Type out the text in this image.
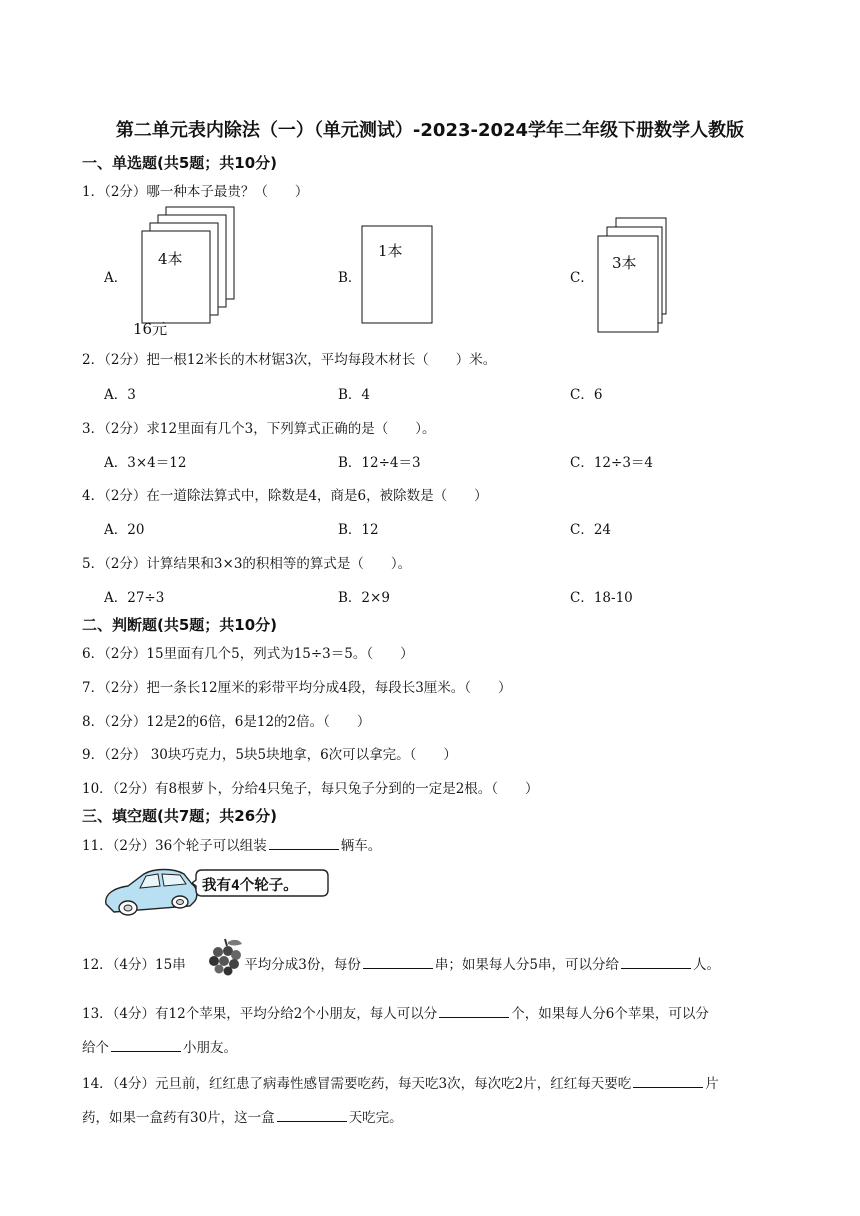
第二单元表内除法（一）（单元测试）-2023-2024学年二年级下册数学人教版
一、单选题(共5题；共10分)
1．（2分）哪一种本子最贵？（　　）
A．
4本
16元
B．
1本
C．
3本
2．（2分）把一根12米长的木材锯3次，平均每段木材长（　　）米。
A．3	B．4	C．6
3．（2分）求12里面有几个3，下列算式正确的是（　　）。
A．3×4＝12	B．12÷4＝3	C．12÷3＝4
4．（2分）在一道除法算式中，除数是4，商是6，被除数是（　　）
A．20	B．12	C．24
5．（2分）计算结果和3×3的积相等的算式是（　　）。
A．27÷3	B．2×9	C．18-10
二、判断题(共5题；共10分)
6．（2分）15里面有几个5，列式为15÷3＝5。（　　）
7．（2分）把一条长12厘米的彩带平均分成4段，每段长3厘米。（　　）
8．（2分）12是2的6倍，6是12的2倍。（　　）
9．（2分） 30块巧克力，5块5块地拿，6次可以拿完。（　　）
10．（2分）有8根萝卜，分给4只兔子，每只兔子分到的一定是2根。（　　）
三、填空题(共7题；共26分)
11．（2分）36个轮子可以组装	辆车。
我有4个轮子。
12．（4分）15串	平均分成3份，每份	串；如果每人分5串，可以分给	人。
13．（4分）有12个苹果，平均分给2个小朋友，每人可以分	个，如果每人分6个苹果，可以分
给个	小朋友。
14．（4分）元旦前，红红患了病毒性感冒需要吃药，每天吃3次，每次吃2片，红红每天要吃	片
药，如果一盒药有30片，这一盒	天吃完。
